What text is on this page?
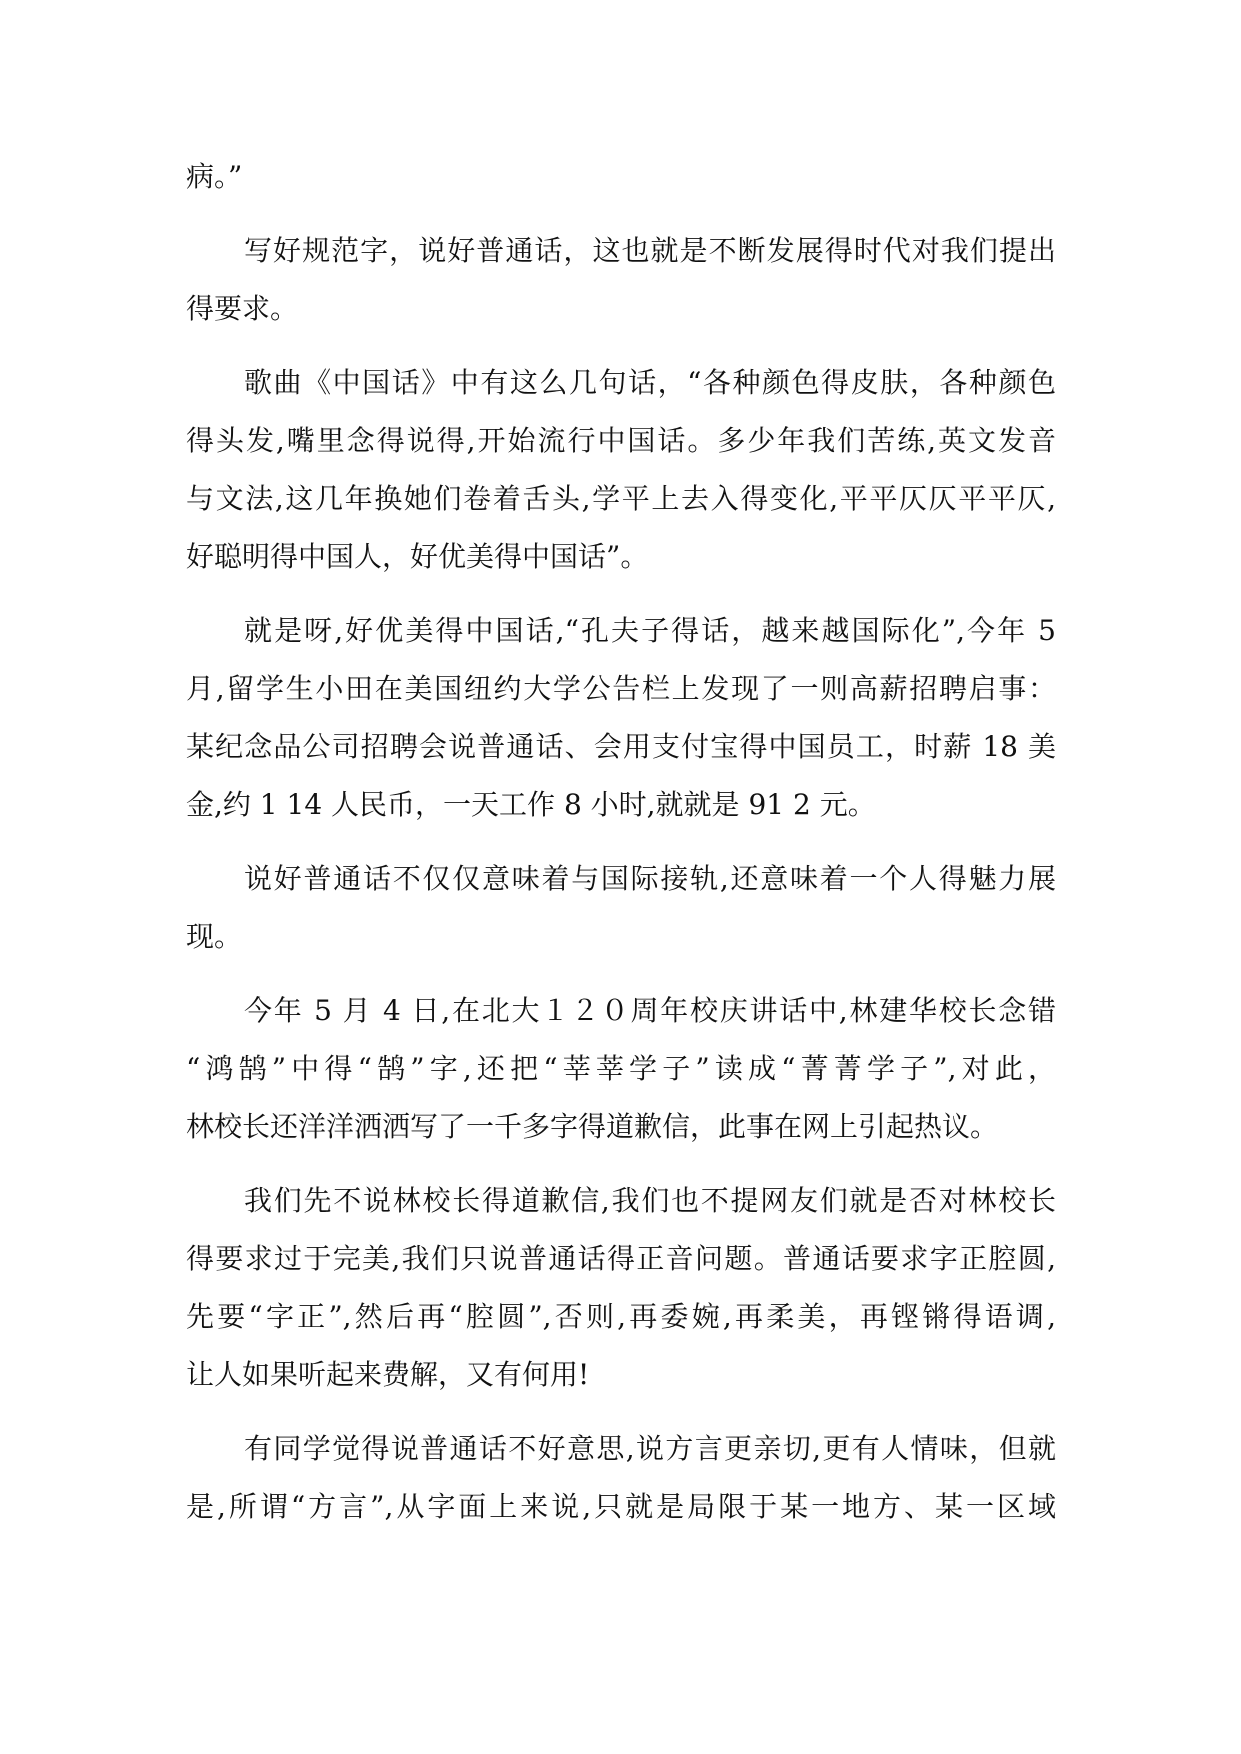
病。”
写好规范字，说好普通话，这也就是不断发展得时代对我们提出
得要求。
歌曲《中国话》中有这么几句话，“各种颜色得皮肤，各种颜色
得头发,嘴里念得说得,开始流行中国话。多少年我们苦练,英文发音
与文法,这几年换她们卷着舌头,学平上去入得变化,平平仄仄平平仄,
好聪明得中国人，好优美得中国话”。
就是呀,好优美得中国话,“孔夫子得话，越来越国际化”,今年 5
月,留学生小田在美国纽约大学公告栏上发现了一则高薪招聘启事：
某纪念品公司招聘会说普通话、会用支付宝得中国员工，时薪 18 美
金,约 1 14 人民币，一天工作 8 小时,就就是 91 2 元。
说好普通话不仅仅意味着与国际接轨,还意味着一个人得魅力展
现。
今年 5 月 4 日,在北大１２０周年校庆讲话中,林建华校长念错
“鸿鹄”中得“鹄”字,还把“莘莘学子”读成“菁菁学子”,对此，
林校长还洋洋洒洒写了一千多字得道歉信，此事在网上引起热议。
我们先不说林校长得道歉信,我们也不提网友们就是否对林校长
得要求过于完美,我们只说普通话得正音问题。普通话要求字正腔圆,
先要“字正”,然后再“腔圆”,否则,再委婉,再柔美，再铿锵得语调,
让人如果听起来费解，又有何用!
有同学觉得说普通话不好意思,说方言更亲切,更有人情味，但就
是,所谓“方言”,从字面上来说,只就是局限于某一地方、某一区域
